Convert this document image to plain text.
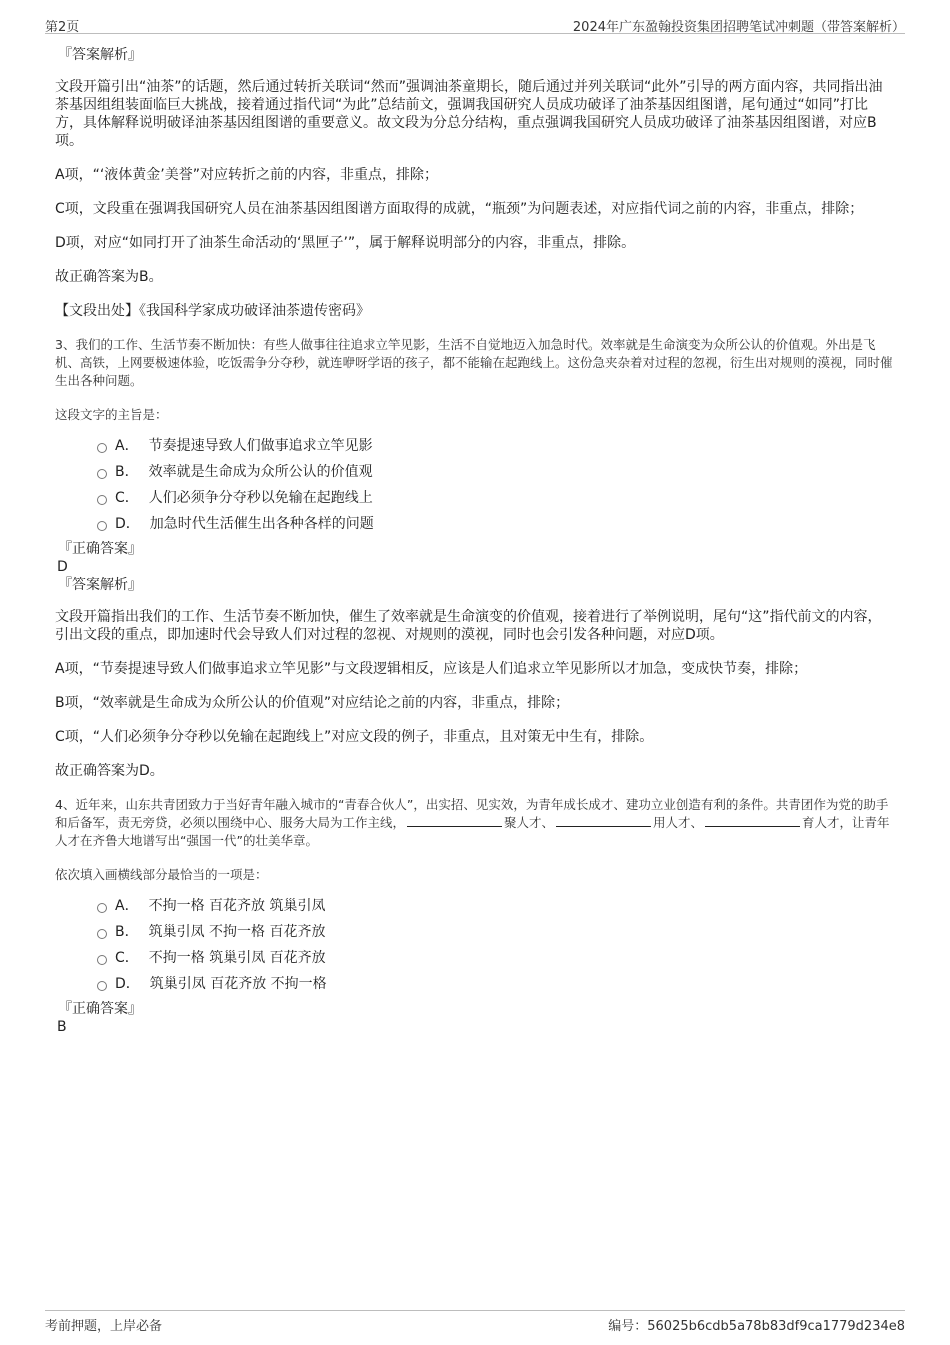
第2页	2024年广东盈翰投资集团招聘笔试冲刺题（带答案解析）

『答案解析』

文段开篇引出“油茶”的话题，然后通过转折关联词“然而”强调油茶童期长，随后通过并列关联词“此外”引导的两方面内容，共同指出油茶基因组组装面临巨大挑战，接着通过指代词“为此”总结前文，强调我国研究人员成功破译了油茶基因组图谱，尾句通过“如同”打比方，具体解释说明破译油茶基因组图谱的重要意义。故文段为分总分结构，重点强调我国研究人员成功破译了油茶基因组图谱，对应B项。

A项，“‘液体黄金’美誉”对应转折之前的内容，非重点，排除；

C项，文段重在强调我国研究人员在油茶基因组图谱方面取得的成就，“瓶颈”为问题表述，对应指代词之前的内容，非重点，排除；

D项，对应“如同打开了油茶生命活动的‘黑匣子’”，属于解释说明部分的内容，非重点，排除。

故正确答案为B。

【文段出处】《我国科学家成功破译油茶遗传密码》

3、我们的工作、生活节奏不断加快：有些人做事往往追求立竿见影，生活不自觉地迈入加急时代。效率就是生命演变为众所公认的价值观。外出是飞机、高铁，上网要极速体验，吃饭需争分夺秒，就连咿呀学语的孩子，都不能输在起跑线上。这份急夹杂着对过程的忽视，衍生出对规则的漠视，同时催生出各种问题。

这段文字的主旨是：

A． 节奏提速导致人们做事追求立竿见影
B． 效率就是生命成为众所公认的价值观
C． 人们必须争分夺秒以免输在起跑线上
D． 加急时代生活催生出各种各样的问题

『正确答案』

D

『答案解析』

文段开篇指出我们的工作、生活节奏不断加快，催生了效率就是生命演变的价值观，接着进行了举例说明，尾句“这”指代前文的内容，引出文段的重点，即加速时代会导致人们对过程的忽视、对规则的漠视，同时也会引发各种问题，对应D项。

A项，“节奏提速导致人们做事追求立竿见影”与文段逻辑相反，应该是人们追求立竿见影所以才加急，变成快节奏，排除；

B项，“效率就是生命成为众所公认的价值观”对应结论之前的内容，非重点，排除；

C项，“人们必须争分夺秒以免输在起跑线上”对应文段的例子，非重点，且对策无中生有，排除。

故正确答案为D。

4、近年来，山东共青团致力于当好青年融入城市的“青春合伙人”，出实招、见实效，为青年成长成才、建功立业创造有利的条件。共青团作为党的助手和后备军，责无旁贷，必须以围绕中心、服务大局为工作主线，	聚人才、	用人才、	育人才，让青年人才在齐鲁大地谱写出“强国一代”的壮美华章。

依次填入画横线部分最恰当的一项是：

A． 不拘一格 百花齐放 筑巢引凤
B． 筑巢引凤 不拘一格 百花齐放
C． 不拘一格 筑巢引凤 百花齐放
D． 筑巢引凤 百花齐放 不拘一格

『正确答案』

B

考前押题，上岸必备	编号：56025b6cdb5a78b83df9ca1779d234e8
